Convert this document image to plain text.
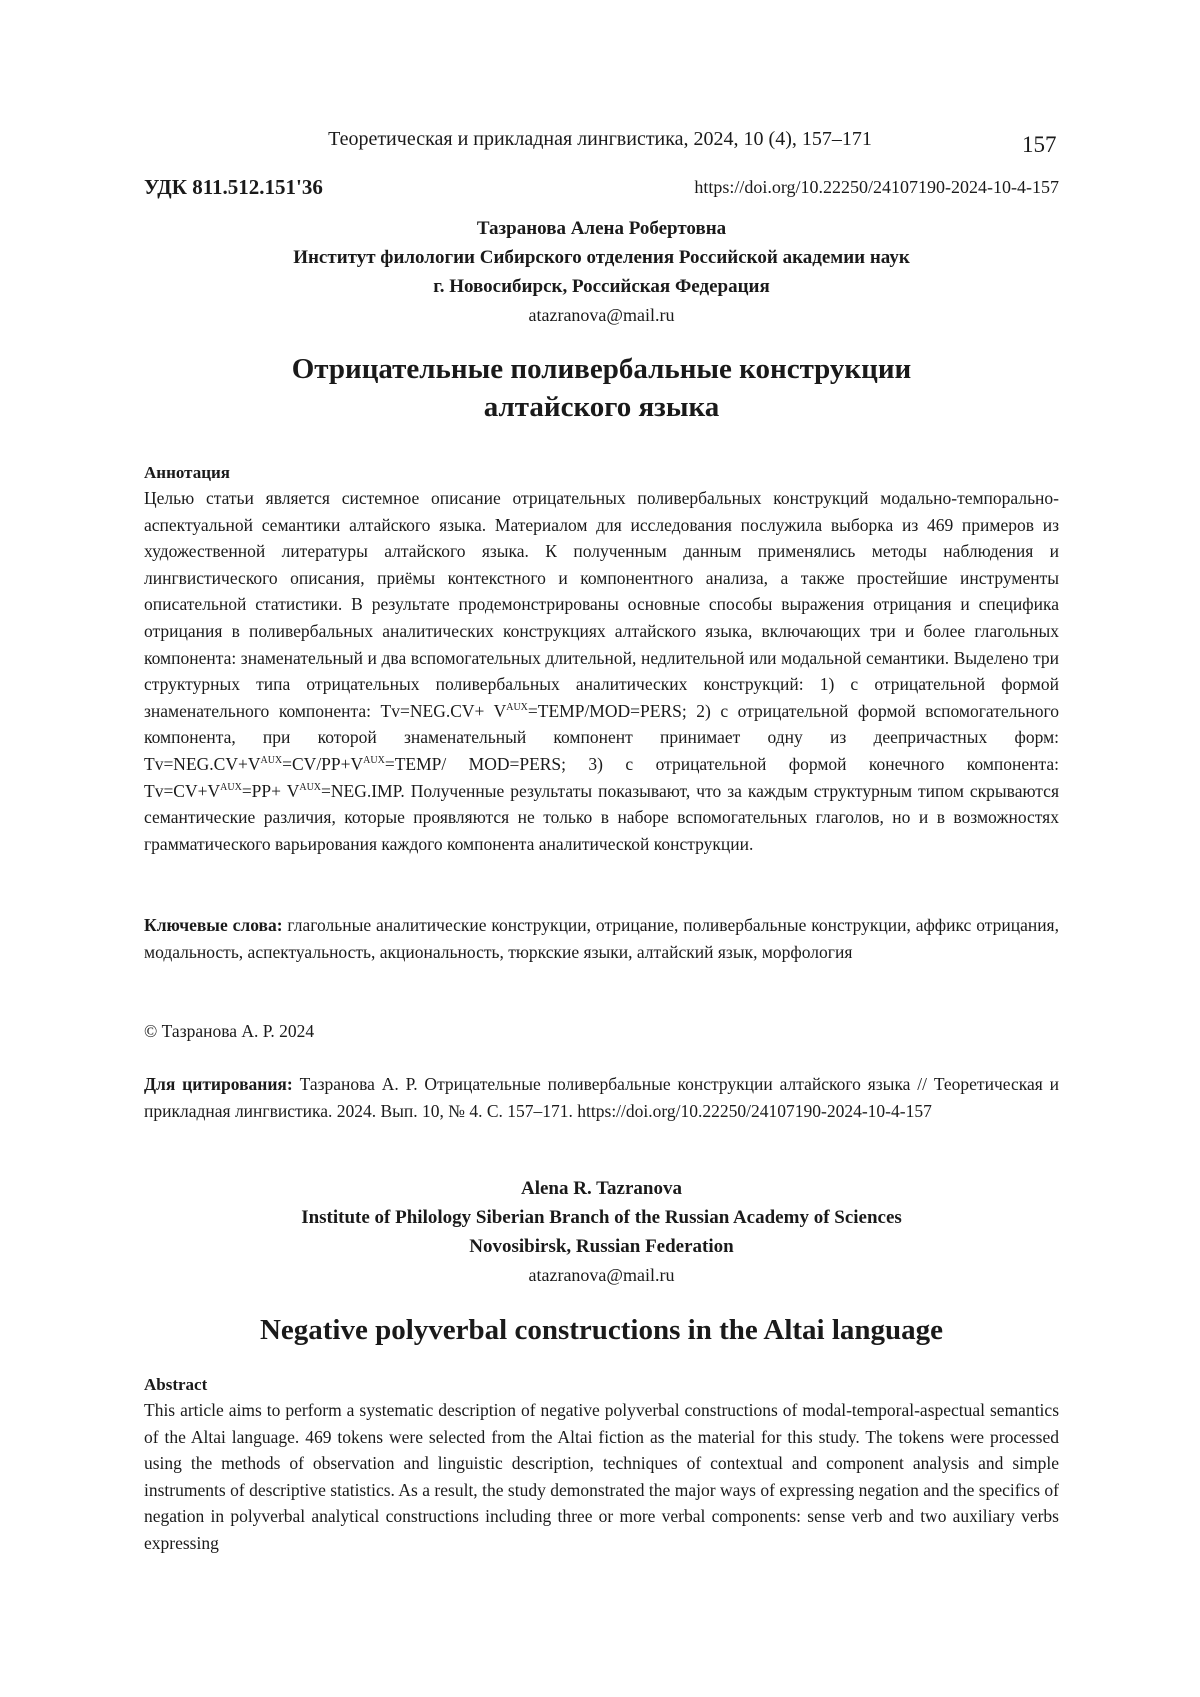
Теоретическая и прикладная лингвистика, 2024, 10 (4), 157–171	157
УДК 811.512.151'36	https://doi.org/10.22250/24107190-2024-10-4-157
Тазранова Алена Робертовна
Институт филологии Сибирского отделения Российской академии наук
г. Новосибирск, Российская Федерация
atazranova@mail.ru
Отрицательные поливербальные конструкции
алтайского языка
Аннотация

Целью статьи является системное описание отрицательных поливербальных конструкций модально-темпорально-аспектуальной семантики алтайского языка. Материалом для исследования послужила выборка из 469 примеров из художественной литературы алтайского языка. К полученным данным применялись методы наблюдения и лингвистического описания, приёмы контекстного и компонентного анализа, а также простейшие инструменты описательной статистики. В результате продемонстрированы основные способы выражения отрицания и специфика отрицания в поливербальных аналитических конструкциях алтайского языка, включающих три и более глагольных компонента: знаменательный и два вспомогательных длительной, недлительной или модальной семантики. Выделено три структурных типа отрицательных поливербальных аналитических конструкций: 1) с отрицательной формой знаменательного компонента: $Tv=NEG.CV+ V^{AUX}=TEMP/MOD=PERS$; 2) с отрицательной формой вспомогательного компонента, при которой знаменательный компонент принимает одну из деепричастных форм: $Tv=NEG.CV+V^{AUX}=CV/PP+V^{AUX}=TEMP/$ MOD=PERS; 3) с отрицательной формой конечного компонента: $Tv=CV+V^{AUX}=PP+ V^{AUX}=NEG.IMP$. Полученные результаты показывают, что за каждым структурным типом скрываются семантические различия, которые проявляются не только в наборе вспомогательных глаголов, но и в возможностях грамматического варьирования каждого компонента аналитической конструкции.

Ключевые слова: глагольные аналитические конструкции, отрицание, поливербальные конструкции, аффикс отрицания, модальность, аспектуальность, акциональность, тюркские языки, алтайский язык, морфология

© Тазранова А. Р. 2024

Для цитирования: Тазранова А. Р. Отрицательные поливербальные конструкции алтайского языка // Теоретическая и прикладная лингвистика. 2024. Вып. 10, № 4. С. 157–171. https://doi.org/10.22250/24107190-2024-10-4-157

Alena R. Tazranova
Institute of Philology Siberian Branch of the Russian Academy of Sciences
Novosibirsk, Russian Federation
atazranova@mail.ru
Negative polyverbal constructions in the Altai language
Abstract

This article aims to perform a systematic description of negative polyverbal constructions of modal-temporal-aspectual semantics of the Altai language. 469 tokens were selected from the Altai fiction as the material for this study. The tokens were processed using the methods of observation and linguistic description, techniques of contextual and component analysis and simple instruments of descriptive statistics. As a result, the study demonstrated the major ways of expressing negation and the specifics of negation in polyverbal analytical constructions including three or more verbal components: sense verb and two auxiliary verbs expressing
